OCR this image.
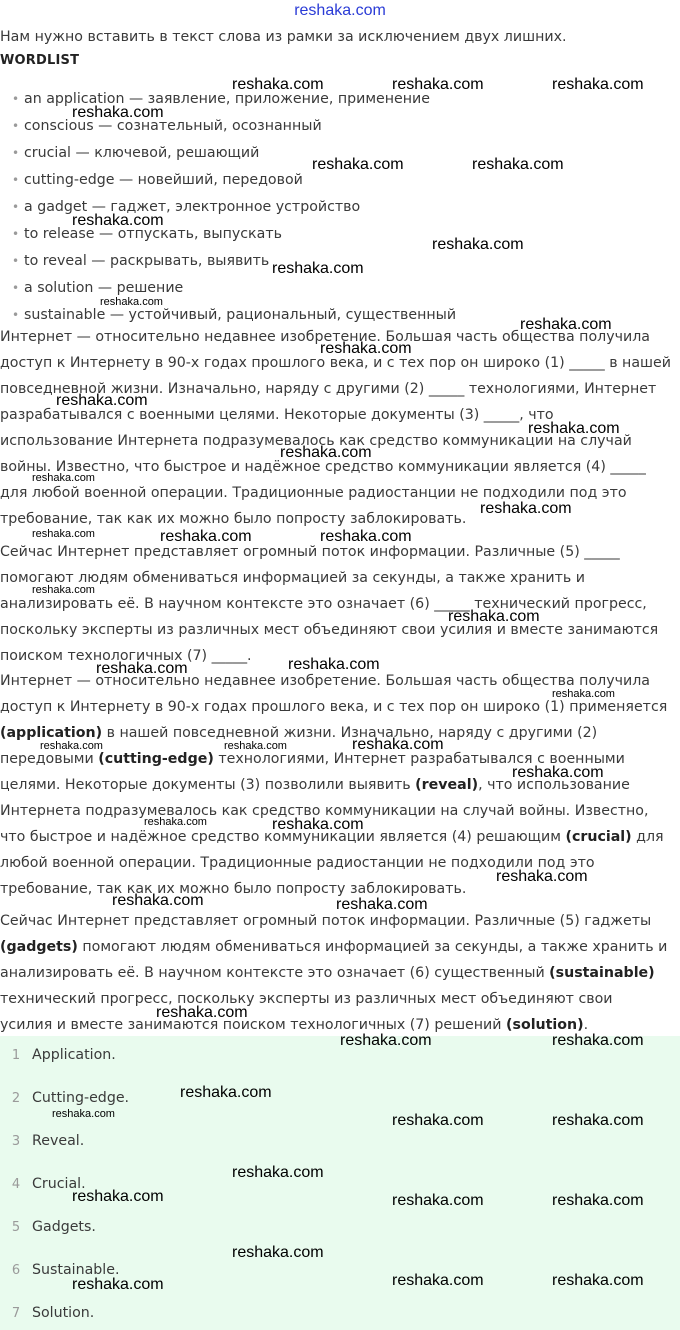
reshaka.com
Нам нужно вставить в текст слова из рамки за исключением двух лишних.
WORDLIST
• an application — заявление, приложение, применение
• conscious — сознательный, осознанный
• crucial — ключевой, решающий
• cutting-edge — новейший, передовой
• a gadget — гаджет, электронное устройство
• to release — отпускать, выпускать
• to reveal — раскрывать, выявить
• a solution — решение
• sustainable — устойчивый, рациональный, существенный
Интернет — относительно недавнее изобретение. Большая часть общества получила
доступ к Интернету в 90-х годах прошлого века, и с тех пор он широко (1) _____ в нашей
повседневной жизни. Изначально, наряду с другими (2) _____ технологиями, Интернет
разрабатывался с военными целями. Некоторые документы (3) _____, что
использование Интернета подразумевалось как средство коммуникации на случай
войны. Известно, что быстрое и надёжное средство коммуникации является (4) _____
для любой военной операции. Традиционные радиостанции не подходили под это
требование, так как их можно было попросту заблокировать.
Сейчас Интернет представляет огромный поток информации. Различные (5) _____
помогают людям обмениваться информацией за секунды, а также хранить и
анализировать её. В научном контексте это означает (6) _____ технический прогресс,
поскольку эксперты из различных мест объединяют свои усилия и вместе занимаются
поиском технологичных (7) _____.
Интернет — относительно недавнее изобретение. Большая часть общества получила
доступ к Интернету в 90-х годах прошлого века, и с тех пор он широко (1) применяется
(application) в нашей повседневной жизни. Изначально, наряду с другими (2)
передовыми (cutting-edge) технологиями, Интернет разрабатывался с военными
целями. Некоторые документы (3) позволили выявить (reveal), что использование
Интернета подразумевалось как средство коммуникации на случай войны. Известно,
что быстрое и надёжное средство коммуникации является (4) решающим (crucial) для
любой военной операции. Традиционные радиостанции не подходили под это
требование, так как их можно было попросту заблокировать.
Сейчас Интернет представляет огромный поток информации. Различные (5) гаджеты
(gadgets) помогают людям обмениваться информацией за секунды, а также хранить и
анализировать её. В научном контексте это означает (6) существенный (sustainable)
технический прогресс, поскольку эксперты из различных мест объединяют свои
усилия и вместе занимаются поиском технологичных (7) решений (solution).
1 Application.
2 Cutting-edge.
3 Reveal.
4 Crucial.
5 Gadgets.
6 Sustainable.
7 Solution.
reshaka.com	reshaka.com	reshaka.com
reshaka.com
reshaka.com	reshaka.com
reshaka.com
reshaka.com
reshaka.com
reshaka.com
reshaka.com
reshaka.com
reshaka.com
reshaka.com
reshaka.com
reshaka.com
reshaka.com
reshaka.com	reshaka.com	reshaka.com
reshaka.com
reshaka.com
reshaka.com	reshaka.com
reshaka.com
reshaka.com	reshaka.com	reshaka.com
reshaka.com
reshaka.com	reshaka.com
reshaka.com
reshaka.com	reshaka.com
reshaka.com
reshaka.com	reshaka.com
reshaka.com
reshaka.com	reshaka.com	reshaka.com
reshaka.com
reshaka.com	reshaka.com	reshaka.com
reshaka.com
reshaka.com	reshaka.com	reshaka.com
